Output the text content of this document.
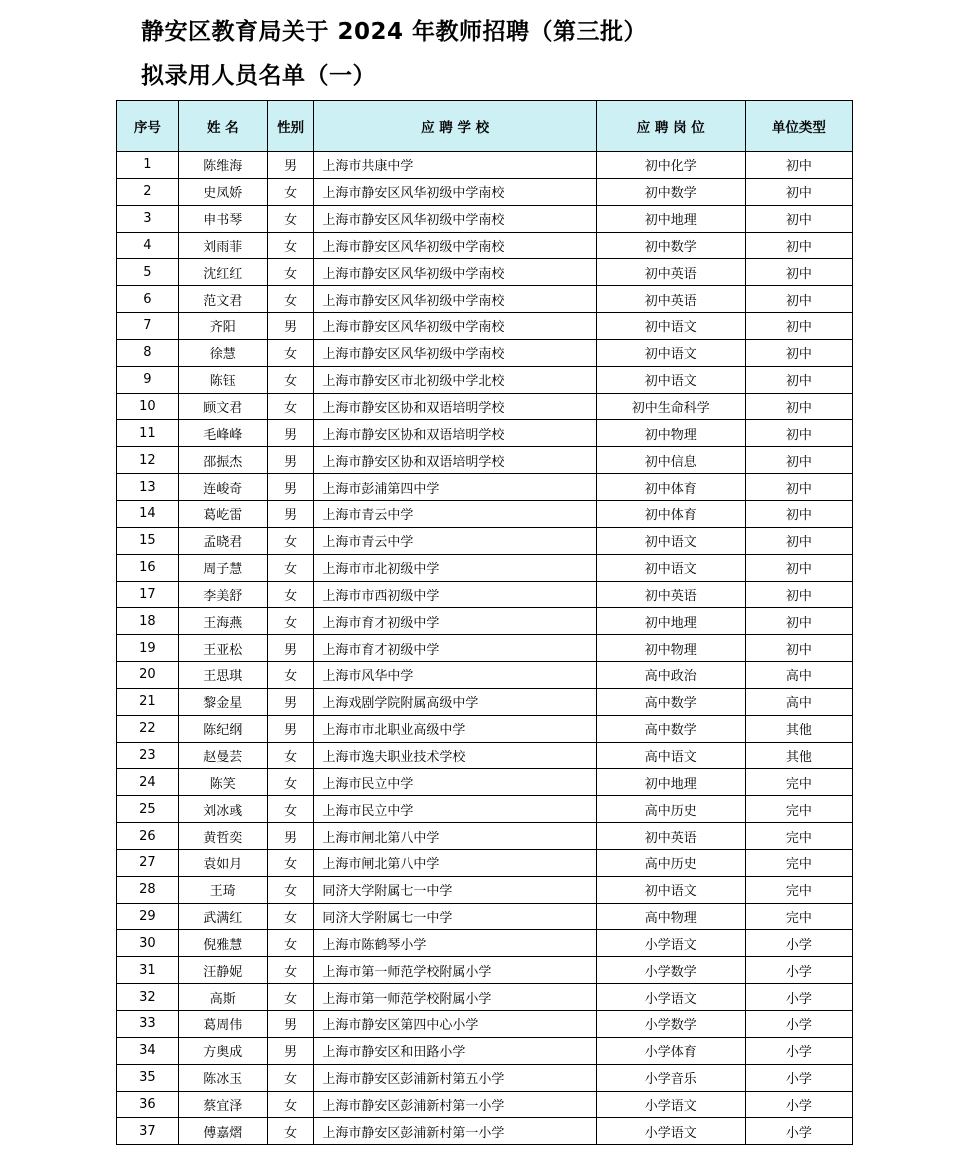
静安区教育局关于 2024 年教师招聘（第三批）
拟录用人员名单（一）
序号	姓 名	性别	应 聘 学 校	应 聘 岗 位	单位类型
1	陈维海	男	上海市共康中学	初中化学	初中
2	史凤娇	女	上海市静安区风华初级中学南校	初中数学	初中
3	申书琴	女	上海市静安区风华初级中学南校	初中地理	初中
4	刘雨菲	女	上海市静安区风华初级中学南校	初中数学	初中
5	沈红红	女	上海市静安区风华初级中学南校	初中英语	初中
6	范文君	女	上海市静安区风华初级中学南校	初中英语	初中
7	齐阳	男	上海市静安区风华初级中学南校	初中语文	初中
8	徐慧	女	上海市静安区风华初级中学南校	初中语文	初中
9	陈钰	女	上海市静安区市北初级中学北校	初中语文	初中
10	顾文君	女	上海市静安区协和双语培明学校	初中生命科学	初中
11	毛峰峰	男	上海市静安区协和双语培明学校	初中物理	初中
12	邵振杰	男	上海市静安区协和双语培明学校	初中信息	初中
13	连峻奇	男	上海市彭浦第四中学	初中体育	初中
14	葛屹雷	男	上海市青云中学	初中体育	初中
15	孟晓君	女	上海市青云中学	初中语文	初中
16	周子慧	女	上海市市北初级中学	初中语文	初中
17	李美舒	女	上海市市西初级中学	初中英语	初中
18	王海燕	女	上海市育才初级中学	初中地理	初中
19	王亚松	男	上海市育才初级中学	初中物理	初中
20	王思琪	女	上海市风华中学	高中政治	高中
21	黎金星	男	上海戏剧学院附属高级中学	高中数学	高中
22	陈纪纲	男	上海市市北职业高级中学	高中数学	其他
23	赵曼芸	女	上海市逸夫职业技术学校	高中语文	其他
24	陈笑	女	上海市民立中学	初中地理	完中
25	刘冰彧	女	上海市民立中学	高中历史	完中
26	黄哲奕	男	上海市闸北第八中学	初中英语	完中
27	袁如月	女	上海市闸北第八中学	高中历史	完中
28	王琦	女	同济大学附属七一中学	初中语文	完中
29	武满红	女	同济大学附属七一中学	高中物理	完中
30	倪雅慧	女	上海市陈鹤琴小学	小学语文	小学
31	汪静妮	女	上海市第一师范学校附属小学	小学数学	小学
32	高斯	女	上海市第一师范学校附属小学	小学语文	小学
33	葛周伟	男	上海市静安区第四中心小学	小学数学	小学
34	方奥成	男	上海市静安区和田路小学	小学体育	小学
35	陈冰玉	女	上海市静安区彭浦新村第五小学	小学音乐	小学
36	蔡宜泽	女	上海市静安区彭浦新村第一小学	小学语文	小学
37	傅嘉熠	女	上海市静安区彭浦新村第一小学	小学语文	小学
